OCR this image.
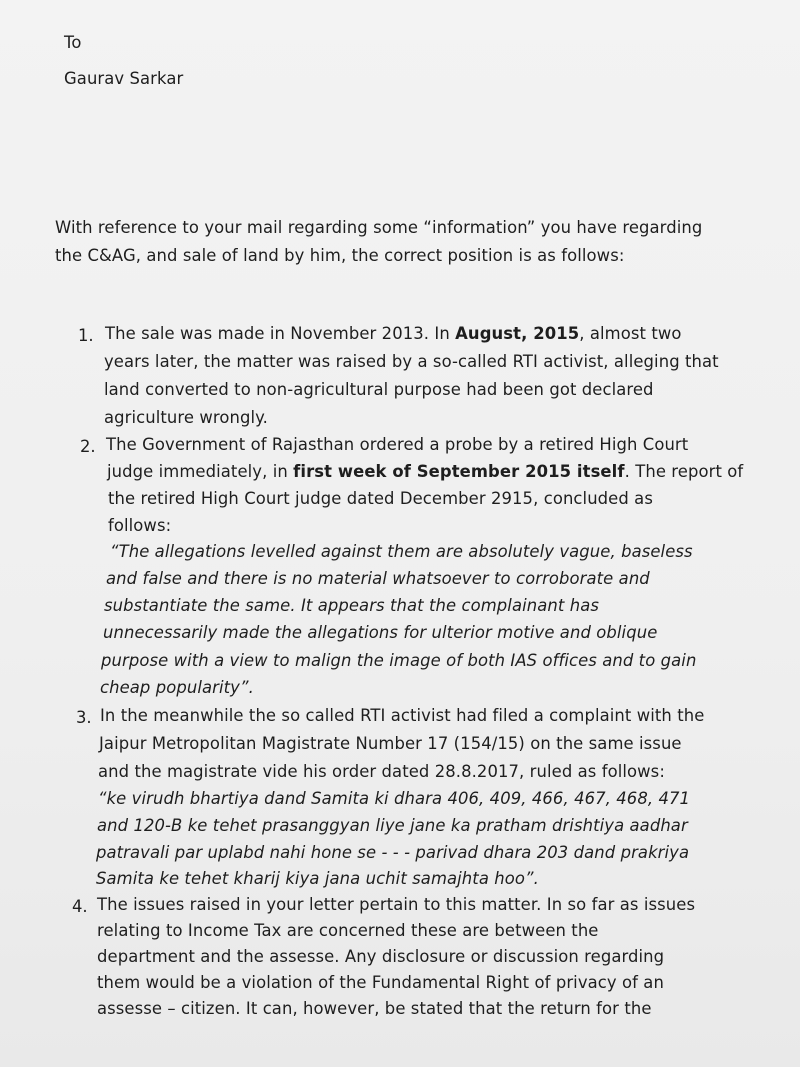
To
Gaurav Sarkar
With reference to your mail regarding some “information” you have regarding
the C&AG, and sale of land by him, the correct position is as follows:
1. The sale was made in November 2013. In August, 2015, almost two
years later, the matter was raised by a so-called RTI activist, alleging that
land converted to non-agricultural purpose had been got declared
agriculture wrongly.
2. The Government of Rajasthan ordered a probe by a retired High Court
judge immediately, in first week of September 2015 itself. The report of
the retired High Court judge dated December 2915, concluded as
follows:
“The allegations levelled against them are absolutely vague, baseless
and false and there is no material whatsoever to corroborate and
substantiate the same. It appears that the complainant has
unnecessarily made the allegations for ulterior motive and oblique
purpose with a view to malign the image of both IAS offices and to gain
cheap popularity”.
3. In the meanwhile the so called RTI activist had filed a complaint with the
Jaipur Metropolitan Magistrate Number 17 (154/15) on the same issue
and the magistrate vide his order dated 28.8.2017, ruled as follows:
“ke virudh bhartiya dand Samita ki dhara 406, 409, 466, 467, 468, 471
and 120-B ke tehet prasanggyan liye jane ka pratham drishtiya aadhar
patravali par uplabd nahi hone se - - - parivad dhara 203 dand prakriya
Samita ke tehet kharij kiya jana uchit samajhta hoo”.
4. The issues raised in your letter pertain to this matter. In so far as issues
relating to Income Tax are concerned these are between the
department and the assesse. Any disclosure or discussion regarding
them would be a violation of the Fundamental Right of privacy of an
assesse – citizen. It can, however, be stated that the return for the
